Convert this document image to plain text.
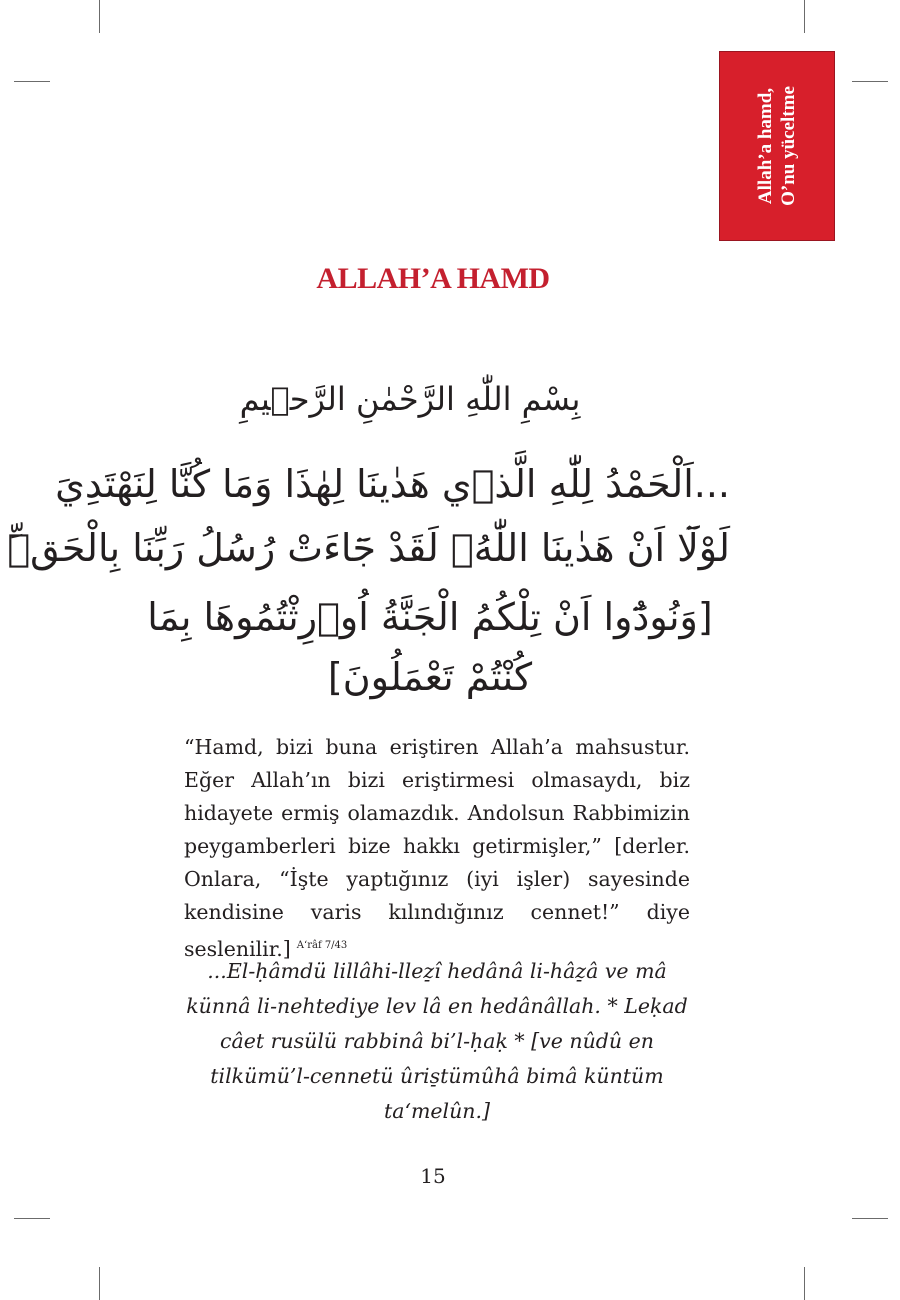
Allah’a hamd, O’nu yüceltme
ALLAH’A HAMD
بِسْمِ اللّٰهِ الرَّحْمٰنِ الرَّح۪يمِ
...اَلْحَمْدُ لِلّٰهِ الَّذ۪ي هَدٰينَا لِهٰذَا وَمَا كُنَّا لِنَهْتَدِيَ
لَوْلَٓا اَنْ هَدٰينَا اللّٰهُۚ لَقَدْ جَٓاءَتْ رُسُلُ رَبِّنَا بِالْحَقِّۜ
[وَنُودُٓوا اَنْ تِلْكُمُ الْجَنَّةُ اُو۫رِثْتُمُوهَا بِمَا
كُنْتُمْ تَعْمَلُونَ]

“Hamd, bizi buna eriştiren Allah’a mahsustur. Eğer Allah’ın bizi eriştirmesi olmasaydı, biz hidayete ermiş olamazdık. Andolsun Rabbimizin peygamberleri bize hakkı getirmişler,” [derler. Onlara, “İşte yaptığınız (iyi işler) sayesinde kendisine varis kılındığınız cennet!” diye seslenilir.] $^{A‘râf 7/43}$

...El-ḥâmdü lillâhi-llez̠î hedânâ li-hâz̠â ve mâ künnâ li-nehtediye lev lâ en hedânâllah. * Leḳad câet rusülü rabbinâ bi’l-ḥaḳ * [ve nûdû en tilkümü’l-cennetü ûris̠tümûhâ bimâ küntüm ta‘melûn.]

15
